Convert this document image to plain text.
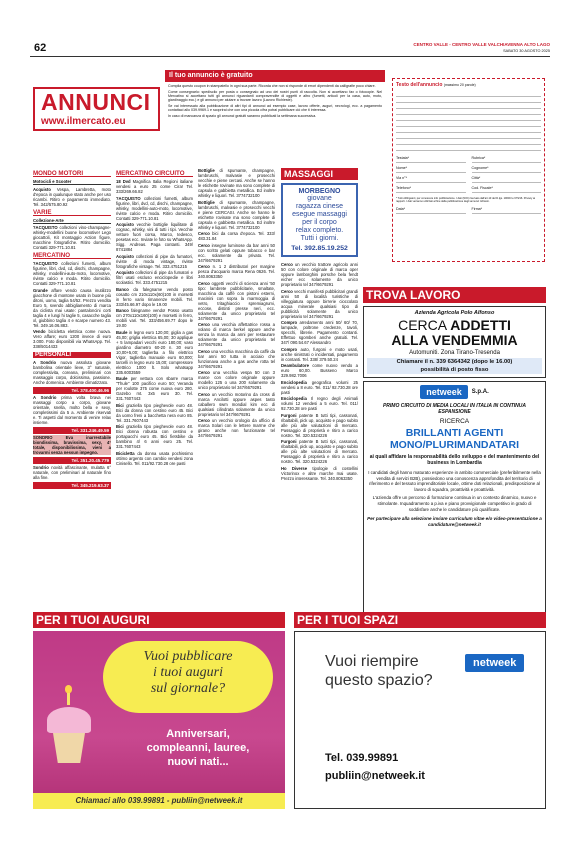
62	CENTRO VALLE - CENTRO VALLE VALCHIAVENNA ALTO LAGO
SABATO 30 AGOSTO 2025
ANNUNCI
www.ilmercato.eu
Il tuo annuncio è gratuito

Compila questo coupon in stampatello in ogni sua parte. Ricorda che non si risponde di errori dipendenti da calligrafie poco chiare.

Come consegnarlo: spediscilo per posta o consegnalo ad uno dei nostri punti di raccolta. Non si accettano fax o fotocopie. Nel Mercatino si accettano tutti gli annunci riguardanti compravendite di oggetti e altro (fumetti, articoli per la casa, auto, moto, giardinaggio ecc.) e gli annunci per aiutare a trovare lavoro (Lavoro Richieste).

Se vai interessato alla pubblicazione di altri tipi di annunci ad esempio case, lavoro offerte, auguri, necrologi, ecc. a pagamento contattaci allo 039.9969.1 e scoprirai che con una piccola cifra potrai pubblicare ciò che ti interessa.

In caso di mancanza di spazio gli annunci gratuiti saranno pubblicati la settimana successiva.

Testo dell'annuncio (massimo 20 parole)
Testata*	Rubrica*
Nome*	Cognome*
Via n°*	Città*
Telefono*	Cod. Fiscale*
* Tutti obbligatori, per conoscere info pubblicazione. I dati (NOI) riservato dall'art.13 del D.lgs. 196/03 e 679/16. Privacy ai rapporti. I dati verranno utilizzati al fine della pubblicazione degli annunci richiesti.
Data*	Firma*
MONDO MOTORI

Motocicli e Scooter

Acquisto Vespa, Lambretta, moto d'epoca in qualunque stato anche per uso ricambi. Ritiro e pagamento immediato. Tel. 342/575.80.92

VARIE

Collezione-Arte

?ACQUISTO collezioni vino-champagne-whisky-modellini buone locomotive! Lego giocattoli, Kit montaggio Action figure, macchine fotografiche. Ritiro domicilio. Contatti 329-771.10.81

MERCATINO

?ACQUISTO collezioni fumetti, album figurine, libri, dvd, cd, dischi, champagne, whisky, modellini-auto-moto, locomotive, riviste calcio e moda. Ritiro domicilio. Contatti 329-771.10.81

Grande affare vendo causa inutilizzo giacchone di montone usato in buone più ditoni, uomo, taglia 54/52. Prezzo vendita Euro 5, svendo abbigliamento di marca da ciclista mai usate: pantaloncini corti taglia 4 e lungi hi taglie 5, casacche taglia xl, giubbino taglia 4 e scarpe numero 43. Tel. 349.16.06.883.

Vendo bicicletta elettrica come nuova. Vero affare; euro 1200 invece di euro 3.000. Foto disponibili via WhatsApp. Tel. 338/5014433

PERSONALI

A Sondrio nuova assoluta giovane bambolina orientale lieve, 3° naturale, complessivita, coreana, preliminari con massaggio corpo, dolcissima, passione. Anche domenica. Ambiente climatizzato.

Tel. 378.400.46.96

A Sondrio prima volta brava nei massaggi corpo a corpo, giovane orientale, snella, molto bella e sexy, completissimi da 5 a. Ambiente riservati e. Ti aspetti dal momento di venire relax insieme.

Tel. 331.246.49.59

SONDRIO	Eva inarrestabile biondissima, bravissima, sexy, 4° totale, disponibilissima, vieni a trovarmi senza nessun impegno.

Tel. 351.20.45.779

Sondrio novità affascinante, mulatta 6° naturale, con preliminari al naturale fino alla fine.

Tel. 345.219.63.37
MERCATINO CIRCUITO

18 Dvd Magnifica Italia Regioni italiane vendesi a euro 25 come Cira! Tel. 333/269.66.82

?ACQUISTO collezioni fumetti, album figurine, libri, dvd, cd, dischi, champagne, whisky, modellini-auto-moto, locomotive, riviste calcio e moda. Ritiro domicilio. Contatti 329-771.10.81

Acquisto vecchie bottiglie liquilitate di cognac, whisky, vini di tutti i tipi. Vecchie vetture fuori corsa, Marco, tedesco, pesetas ecc. Inviate le foto su WhatsApp. Sigg. Andreas. Paga contanti. 349/ 8741884

Acquisto collezioni di pipe da fumatori, riviste di moda vintage, riviste fotografiche vintage. Tel. 333.4751215

Acquisto collezioni di pipe da fumatori e filtri usati escluso enciclopedie e libri scolastici. Tel. 333.4751215

Banco da falegname vendo posto cosatto cm 210x110x(60)100 in morsetti in ferro vario rimanenze mobili. Tel. 333/45.66.97 dopo le 19.00

Banco falegname vendo! Posso usatto cm 270x110x160(100) e morsetti in ferro, mobili vari. Tel. 333/456.69.77 dopo le 19.00

Baule in legno euro 120,00; giglia a gas 45,00; griglia elettrica 65,00; 30 applique + 5 lampadari vecchi euro 180,00; vaso giardino diametro 60-20 n. 30 euro 10,00+5,00; taglierba a filo elettrico Vigor, taglierba manuale euro 60,000; tarcelli in legno euro 15,00; compressore elettrico 1000 lt. Solo whatsapp 335.6003559

Baule per vettura con sbarre marca "Thule" 100 pacifico euro 50; Veranda per roulotte 375 come nuova euro 280. Gazebo mt. 3x5 euro 30. Tel. 331.7607443

Bici graziella tipo pieghevole euro 48. Bici da donna con cestino euro 45. Bici da uomo freni a bacchetta nera euro 85. Tel. 331.7607443

Bici graziella tipo pieghevole euro 48. Bici donna robusta con cestino e portapacchi euro 45. Bici fietsbike da bambino 4/ 6 anni euro 25. Tel. 331.7607443

Bicicletta da donna usata pochissimo ottimo argento con cambio vendesi zona Cinisello. Tel. 011/92.730.28 ore pasti

Bottiglie di spumante, champagne, lambruschi, malvasie e prosecchi vecchie e piene cercasi. Anche se hanno le etichette rovinate ma sono complete di capsula e gabbietta metallica. Ed inoltre whisky e liquori. Tel. 3774732100

Bottiglie di spumante, champagne, lambruschi, malvasie e prosecchi vecchi e piene CERCASI. Anche se hanno le etichette rovinate ma sono complete di capsula e gabbietta metallica. Ed inoltre whisky e liquori. Tel. 3774732100

Cerco bici da corsa d'epoca. Tel. 333/ 483.31.84

Cerco insegne luminose da bar anni 50 con scritto gelati oppure tobacco e bar ecc. solamente da privato. Tel. 347/6679291

Cerco n. 1 2 distributori per margine pesca d'acquario marca Rena 0626. Tel. 340.8063350

Cerco oggetti vecchi di scienza anni '50 tipo: lambrete pubblicitarie, smaltate, macchina da caffè con pistoni esterni, macinini con sopra la marmoggia di vetro, tritaghiaccio spremiagrumi, eccose, distinti presse neri, ecc. solamente da unico proprietario tel 347/6679291

Cerco una vecchia affettatrice rossa a volano di marca berkel oppure anche senza la marca da anni per restaurare solamente da unico proprietario tel 347/6679291

Cerco una vecchia macchina da caffè da bar anni 50 tutta in acciaio che funzionava anche a gas anche rotta tel 347/6679291

Cerco una vecchia vespa 50 con 3 marce con colore originale oppure modello 125 o una 200 solamente da unico proprietario tel 347/6679291

Cerco un vecchio motorino da cross di marca Ancilotti oppure aspes tasto caballero swm mondial kim ecc di qualsiasi cilindrata solamente da unico proprietario tel 347/6679291

Cerco un vecchio orologio da ufficio di marca Solari con le lettere marrne che girano anche non funzionante tel 347/6679291

MASSAGGI
MORBEGNO
giovane
ragazza cinese
esegue massaggi
per il corpo
relax completo.
Tutti i giorni.
Tel. 392.85.19.252

Cerco un vecchio trattore agricolo anni 50 con colore originale di marca oper oppure lamborghini porsche bela fendt eicher ecc solamente da unico proprietario tel 347/6679291

Cerco vecchi manifesti pubblicitari grandi anni 50 di località turistiche di villeggiatura oppure birrerie cioccolato acqua minerale qualsiasi tipo di pubblicità solamente da unico proprietario tel 347/6679291

Compro arredamento anni 50/ 60/ 70, lampade, poltrone credenze, tavoli, specchi, librerie. Pagamento contanti. Effettuo sgomberi anche gratuiti. Tel. 347/ 090.54.67 Alessandro

Compro auto, furgoni e moto usati, anche sinistrati o incidentati, pagamento in contanti. Tel. 338/ 379.50.24

Deambulatore come nuovo vendo a euro 60,00. Busseno Marco 329.982.7006

Enciclopedia geografica volumi 25 vendesi a 8 euro. Tel. 011/ 92.730.28 ore pasti

Enciclopedia Il regno degli Animali volumi 12 vendesi a 5 euro. Tel. 011/ 92.730.28 ore pasti

Furgoni patente B tutti tipi, cassonati, ribaltabili, pick up, acquisto e pago subito alle più alte valutazioni di mercato. Passaggio di proprietà e ritiro a carico nostro. Tel. 320.5324226

Furgoni patente B tutti tipi, cassonati, ribaltabili, pick up, acquisto e pago subito alle più alte valutazioni di mercato. Passaggio di proprietà e ritiro a carico nostro. Tel. 320.5324226

Ho Diverse tipologie di costellini Victorinox e altre marche mai usate. Prezzo interessante. Tel. 340.8063350

TROVA LAVORO
Azienda Agricola Polo Alfonso
CERCA ADDETTI
ALLA VENDEMMIA
Automuniti. Zona Tirano-Tresenda
Chiamare il n. 339 6364342 (dopo le 16.00)
possibilità di posto fisso
netweek	S.p.A.
PRIMO CIRCUITO DI MEDIA LOCALI IN ITALIA IN CONTINUA ESPANSIONE
RICERCA
BRILLANTI AGENTI
MONO/PLURIMANDATARI
ai quali affidare la responsabilità dello sviluppo e del mantenimento del business in Lombardia
I candidati degli hanno maturato esperienze in ambito commerciale (preferibilmente nella vendita di servizi B2B), possiedono una conoscenza approfondita del territorio di riferimento e del tessuto imprenditoriale locale, ottime doti relazionali, predisposizione al lavoro di squadra, proattività e proattività.
L'azienda offre un percorso di formazione continua in un contesto dinamico, nuovo e stimolante. Inquadramento a p.iva e piano provvigionale competitivo in grado di soddisfare anche le candidature più qualificate.
Per partecipare alla selezione inviare curriculum vitae e/o video-presentazione a candidature@netweek.it
PER I TUOI AUGURI
Vuoi pubblicare
i tuoi auguri
sul giornale?
Anniversari,
compleanni, lauree,
nuovi nati...
Chiamaci allo 039.99891 - publiin@netweek.it
PER I TUOI SPAZI
Vuoi riempire
questo spazio?
netweek
Tel. 039.99891
publiin@netweek.it
